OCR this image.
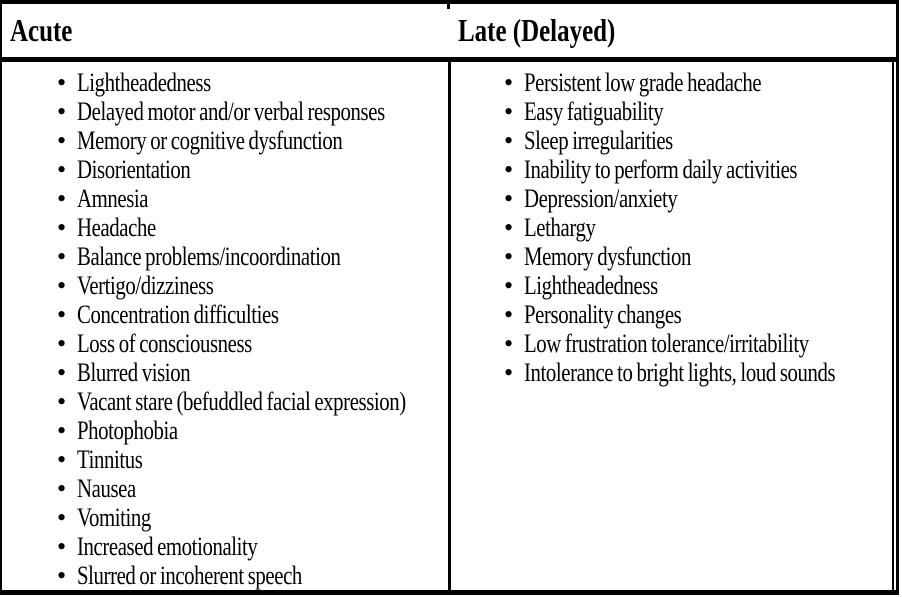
Acute	Late (Delayed)
• Lightheadedness
• Delayed motor and/or verbal responses
• Memory or cognitive dysfunction
• Disorientation
• Amnesia
• Headache
• Balance problems/incoordination
• Vertigo/dizziness
• Concentration difficulties
• Loss of consciousness
• Blurred vision
• Vacant stare (befuddled facial expression)
• Photophobia
• Tinnitus
• Nausea
• Vomiting
• Increased emotionality
• Slurred or incoherent speech
• Persistent low grade headache
• Easy fatiguability
• Sleep irregularities
• Inability to perform daily activities
• Depression/anxiety
• Lethargy
• Memory dysfunction
• Lightheadedness
• Personality changes
• Low frustration tolerance/irritability
• Intolerance to bright lights, loud sounds
